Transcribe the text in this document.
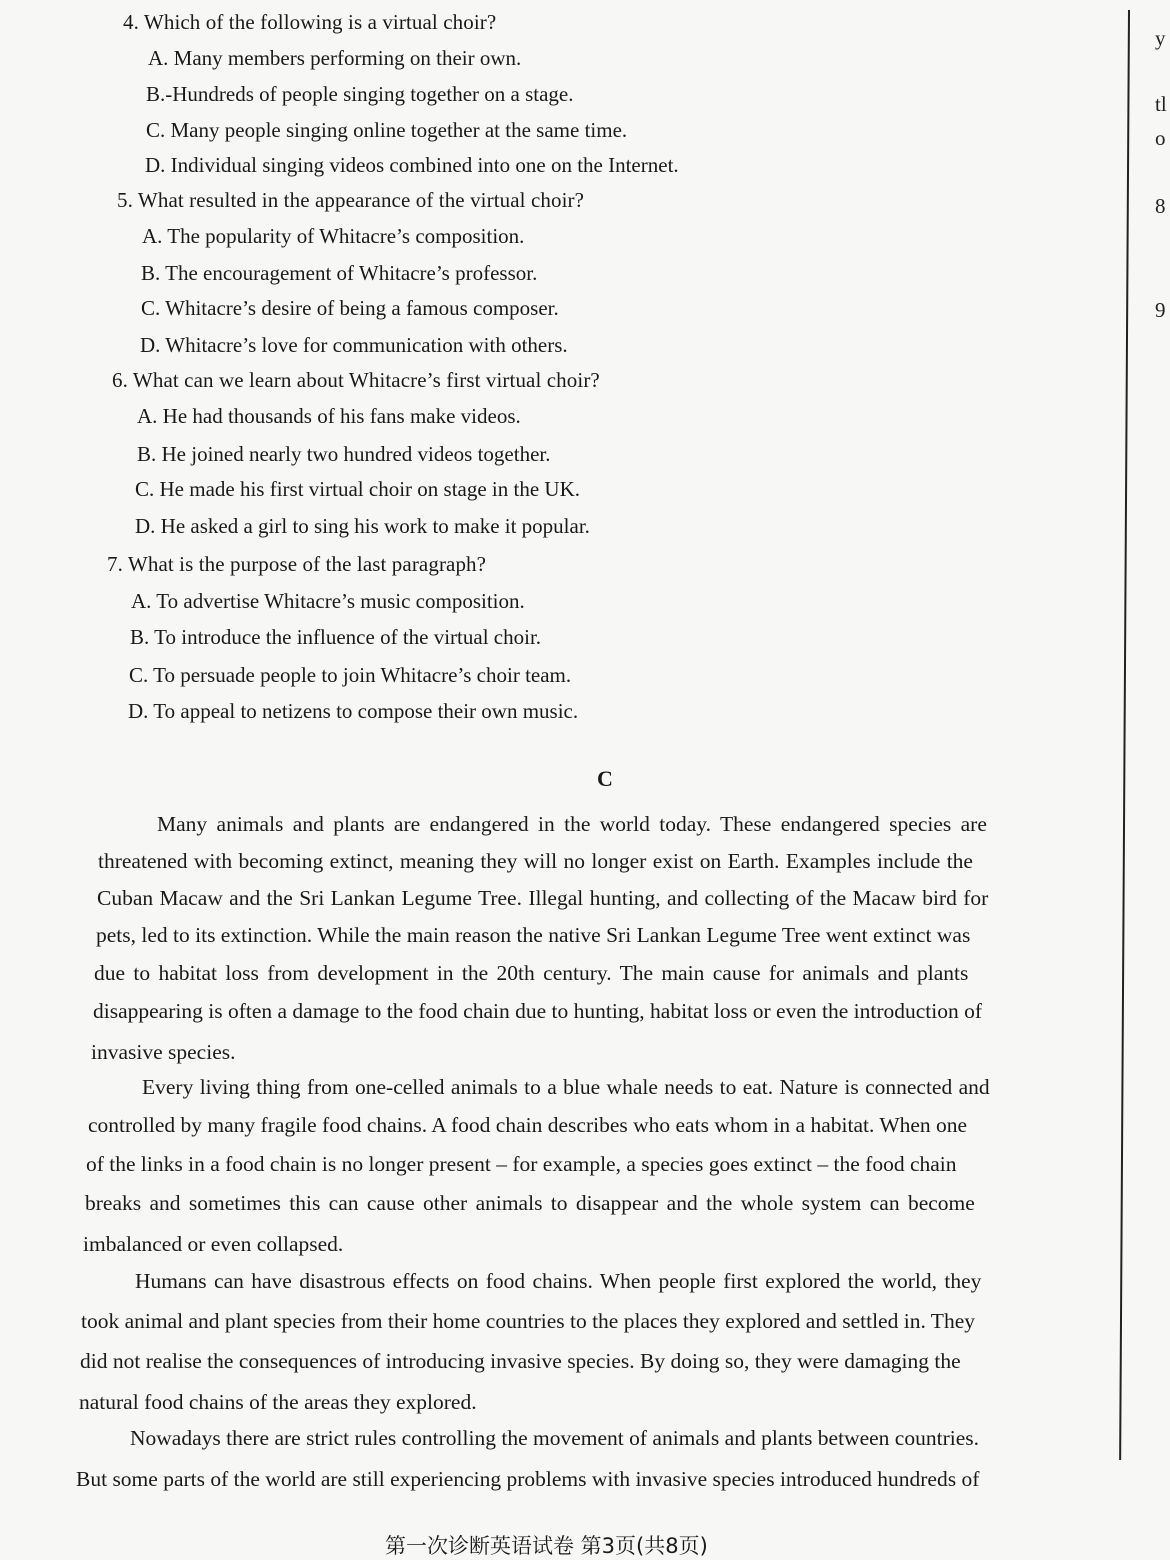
4. Which of the following is a virtual choir?
A. Many members performing on their own.
B.-Hundreds of people singing together on a stage.
C. Many people singing online together at the same time.
D. Individual singing videos combined into one on the Internet.
5. What resulted in the appearance of the virtual choir?
A. The popularity of Whitacre’s composition.
B. The encouragement of Whitacre’s professor.
C. Whitacre’s desire of being a famous composer.
D. Whitacre’s love for communication with others.
6. What can we learn about Whitacre’s first virtual choir?
A. He had thousands of his fans make videos.
B. He joined nearly two hundred videos together.
C. He made his first virtual choir on stage in the UK.
D. He asked a girl to sing his work to make it popular.
7. What is the purpose of the last paragraph?
A. To advertise Whitacre’s music composition.
B. To introduce the influence of the virtual choir.
C. To persuade people to join Whitacre’s choir team.
D. To appeal to netizens to compose their own music.
C
Many animals and plants are endangered in the world today. These endangered species are
threatened with becoming extinct, meaning they will no longer exist on Earth. Examples include the
Cuban Macaw and the Sri Lankan Legume Tree. Illegal hunting, and collecting of the Macaw bird for
pets, led to its extinction. While the main reason the native Sri Lankan Legume Tree went extinct was
due to habitat loss from development in the 20th century. The main cause for animals and plants
disappearing is often a damage to the food chain due to hunting, habitat loss or even the introduction of
invasive species.
Every living thing from one-celled animals to a blue whale needs to eat. Nature is connected and
controlled by many fragile food chains. A food chain describes who eats whom in a habitat. When one
of the links in a food chain is no longer present – for example, a species goes extinct – the food chain
breaks and sometimes this can cause other animals to disappear and the whole system can become
imbalanced or even collapsed.
Humans can have disastrous effects on food chains. When people first explored the world, they
took animal and plant species from their home countries to the places they explored and settled in. They
did not realise the consequences of introducing invasive species. By doing so, they were damaging the
natural food chains of the areas they explored.
Nowadays there are strict rules controlling the movement of animals and plants between countries.
But some parts of the world are still experiencing problems with invasive species introduced hundreds of
y
tl
o
8
9
第一次诊断英语试卷 第3页(共8页)
